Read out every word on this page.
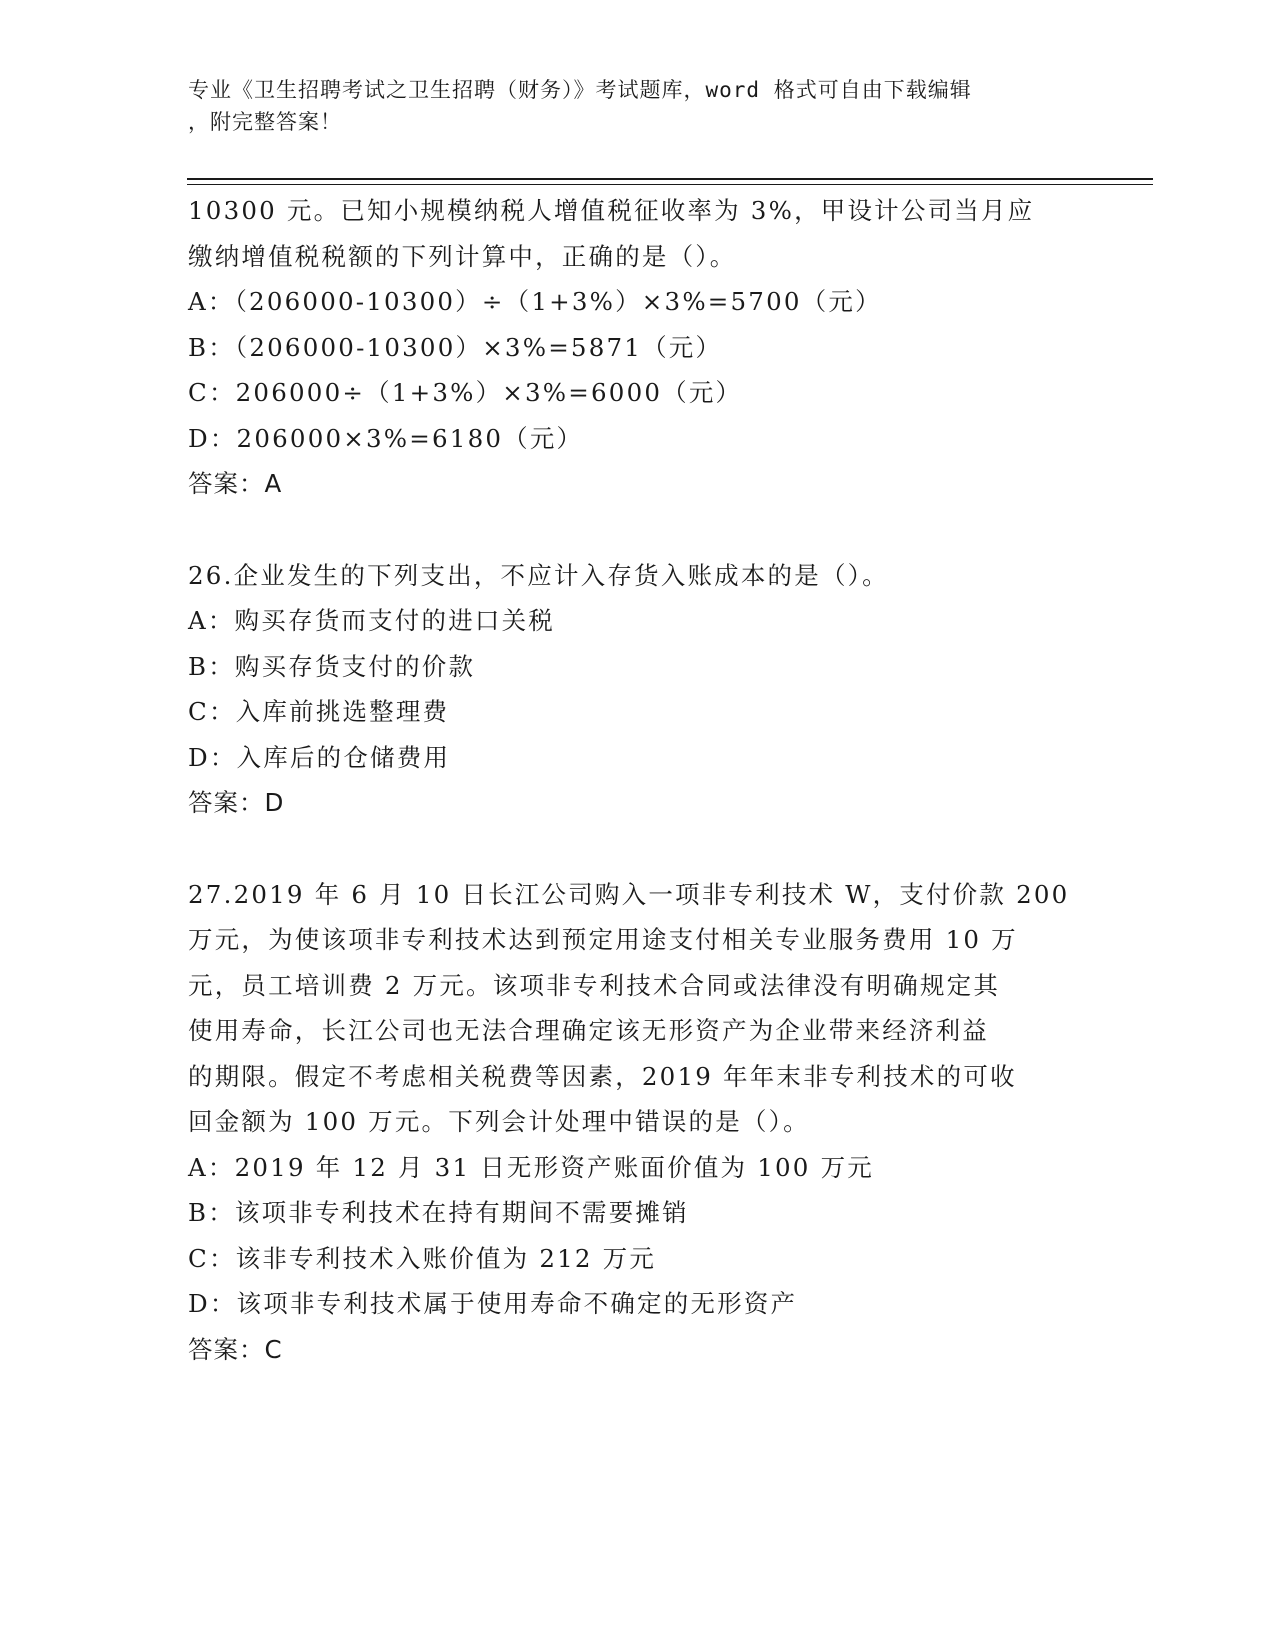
专业《卫生招聘考试之卫生招聘（财务）》考试题库，word 格式可自由下载编辑
，附完整答案！

10300 元。已知小规模纳税人增值税征收率为 3%，甲设计公司当月应

缴纳增值税税额的下列计算中，正确的是（）。

A：（206000-10300）÷（1+3%）×3%=5700（元）

B：（206000-10300）×3%=5871（元）

C：206000÷（1+3%）×3%=6000（元）

D：206000×3%=6180（元）

答案：A

26.企业发生的下列支出，不应计入存货入账成本的是（）。

A：购买存货而支付的进口关税

B：购买存货支付的价款

C：入库前挑选整理费

D：入库后的仓储费用

答案：D

27.2019 年 6 月 10 日长江公司购入一项非专利技术 W，支付价款 200

万元，为使该项非专利技术达到预定用途支付相关专业服务费用 10 万

元，员工培训费 2 万元。该项非专利技术合同或法律没有明确规定其

使用寿命，长江公司也无法合理确定该无形资产为企业带来经济利益

的期限。假定不考虑相关税费等因素，2019 年年末非专利技术的可收

回金额为 100 万元。下列会计处理中错误的是（）。

A：2019 年 12 月 31 日无形资产账面价值为 100 万元

B：该项非专利技术在持有期间不需要摊销

C：该非专利技术入账价值为 212 万元

D：该项非专利技术属于使用寿命不确定的无形资产

答案：C
